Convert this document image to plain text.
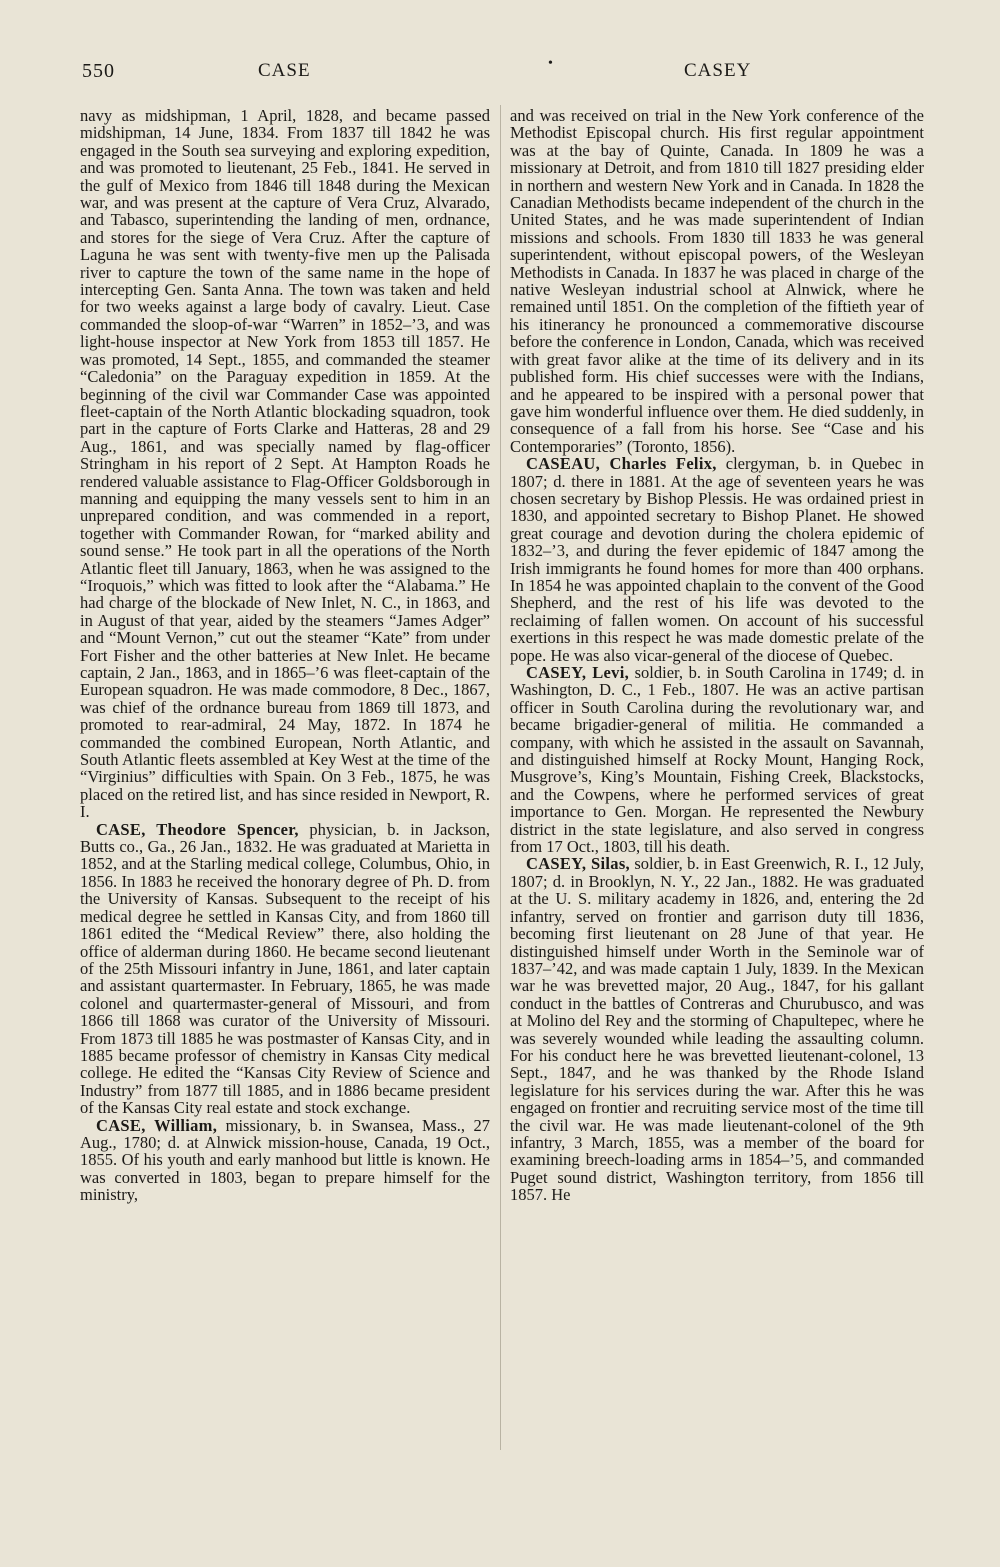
550	CASE	•	CASEY

navy as midshipman, 1 April, 1828, and became passed midshipman, 14 June, 1834. From 1837 till 1842 he was engaged in the South sea surveying and exploring expedition, and was promoted to lieutenant, 25 Feb., 1841. He served in the gulf of Mexico from 1846 till 1848 during the Mexican war, and was present at the capture of Vera Cruz, Alvarado, and Tabasco, superintending the landing of men, ordnance, and stores for the siege of Vera Cruz. After the capture of Laguna he was sent with twenty-five men up the Palisada river to capture the town of the same name in the hope of intercepting Gen. Santa Anna. The town was taken and held for two weeks against a large body of cavalry. Lieut. Case commanded the sloop-of-war “Warren” in 1852–’3, and was light-house inspector at New York from 1853 till 1857. He was promoted, 14 Sept., 1855, and commanded the steamer “Caledonia” on the Paraguay expedition in 1859. At the beginning of the civil war Commander Case was appointed fleet-captain of the North Atlantic blockading squadron, took part in the capture of Forts Clarke and Hatteras, 28 and 29 Aug., 1861, and was specially named by flag-officer Stringham in his report of 2 Sept. At Hampton Roads he rendered valuable assistance to Flag-Officer Goldsborough in manning and equipping the many vessels sent to him in an unprepared condition, and was commended in a report, together with Commander Rowan, for “marked ability and sound sense.” He took part in all the operations of the North Atlantic fleet till January, 1863, when he was assigned to the “Iroquois,” which was fitted to look after the “Alabama.” He had charge of the blockade of New Inlet, N. C., in 1863, and in August of that year, aided by the steamers “James Adger” and “Mount Vernon,” cut out the steamer “Kate” from under Fort Fisher and the other batteries at New Inlet. He became captain, 2 Jan., 1863, and in 1865–’6 was fleet-captain of the European squadron. He was made commodore, 8 Dec., 1867, was chief of the ordnance bureau from 1869 till 1873, and promoted to rear-admiral, 24 May, 1872. In 1874 he commanded the combined European, North Atlantic, and South Atlantic fleets assembled at Key West at the time of the “Virginius” difficulties with Spain. On 3 Feb., 1875, he was placed on the retired list, and has since resided in Newport, R. I.

CASE, Theodore Spencer, physician, b. in Jackson, Butts co., Ga., 26 Jan., 1832. He was graduated at Marietta in 1852, and at the Starling medical college, Columbus, Ohio, in 1856. In 1883 he received the honorary degree of Ph. D. from the University of Kansas. Subsequent to the receipt of his medical degree he settled in Kansas City, and from 1860 till 1861 edited the “Medical Review” there, also holding the office of alderman during 1860. He became second lieutenant of the 25th Missouri infantry in June, 1861, and later captain and assistant quartermaster. In February, 1865, he was made colonel and quartermaster-general of Missouri, and from 1866 till 1868 was curator of the University of Missouri. From 1873 till 1885 he was postmaster of Kansas City, and in 1885 became professor of chemistry in Kansas City medical college. He edited the “Kansas City Review of Science and Industry” from 1877 till 1885, and in 1886 became president of the Kansas City real estate and stock exchange.

CASE, William, missionary, b. in Swansea, Mass., 27 Aug., 1780; d. at Alnwick mission-house, Canada, 19 Oct., 1855. Of his youth and early manhood but little is known. He was converted in 1803, began to prepare himself for the ministry,

and was received on trial in the New York conference of the Methodist Episcopal church. His first regular appointment was at the bay of Quinte, Canada. In 1809 he was a missionary at Detroit, and from 1810 till 1827 presiding elder in northern and western New York and in Canada. In 1828 the Canadian Methodists became independent of the church in the United States, and he was made superintendent of Indian missions and schools. From 1830 till 1833 he was general superintendent, without episcopal powers, of the Wesleyan Methodists in Canada. In 1837 he was placed in charge of the native Wesleyan industrial school at Alnwick, where he remained until 1851. On the completion of the fiftieth year of his itinerancy he pronounced a commemorative discourse before the conference in London, Canada, which was received with great favor alike at the time of its delivery and in its published form. His chief successes were with the Indians, and he appeared to be inspired with a personal power that gave him wonderful influence over them. He died suddenly, in consequence of a fall from his horse. See “Case and his Contemporaries” (Toronto, 1856).

CASEAU, Charles Felix, clergyman, b. in Quebec in 1807; d. there in 1881. At the age of seventeen years he was chosen secretary by Bishop Plessis. He was ordained priest in 1830, and appointed secretary to Bishop Planet. He showed great courage and devotion during the cholera epidemic of 1832–’3, and during the fever epidemic of 1847 among the Irish immigrants he found homes for more than 400 orphans. In 1854 he was appointed chaplain to the convent of the Good Shepherd, and the rest of his life was devoted to the reclaiming of fallen women. On account of his successful exertions in this respect he was made domestic prelate of the pope. He was also vicar-general of the diocese of Quebec.

CASEY, Levi, soldier, b. in South Carolina in 1749; d. in Washington, D. C., 1 Feb., 1807. He was an active partisan officer in South Carolina during the revolutionary war, and became brigadier-general of militia. He commanded a company, with which he assisted in the assault on Savannah, and distinguished himself at Rocky Mount, Hanging Rock, Musgrove’s, King’s Mountain, Fishing Creek, Blackstocks, and the Cowpens, where he performed services of great importance to Gen. Morgan. He represented the Newbury district in the state legislature, and also served in congress from 17 Oct., 1803, till his death.

CASEY, Silas, soldier, b. in East Greenwich, R. I., 12 July, 1807; d. in Brooklyn, N. Y., 22 Jan., 1882. He was graduated at the U. S. military academy in 1826, and, entering the 2d infantry, served on frontier and garrison duty till 1836, becoming first lieutenant on 28 June of that year. He distinguished himself under Worth in the Seminole war of 1837–’42, and was made captain 1 July, 1839. In the Mexican war he was brevetted major, 20 Aug., 1847, for his gallant conduct in the battles of Contreras and Churubusco, and was at Molino del Rey and the storming of Chapultepec, where he was severely wounded while leading the assaulting column. For his conduct here he was brevetted lieutenant-colonel, 13 Sept., 1847, and he was thanked by the Rhode Island legislature for his services during the war. After this he was engaged on frontier and recruiting service most of the time till the civil war. He was made lieutenant-colonel of the 9th infantry, 3 March, 1855, was a member of the board for examining breech-loading arms in 1854–’5, and commanded Puget sound district, Washington territory, from 1856 till 1857. He
